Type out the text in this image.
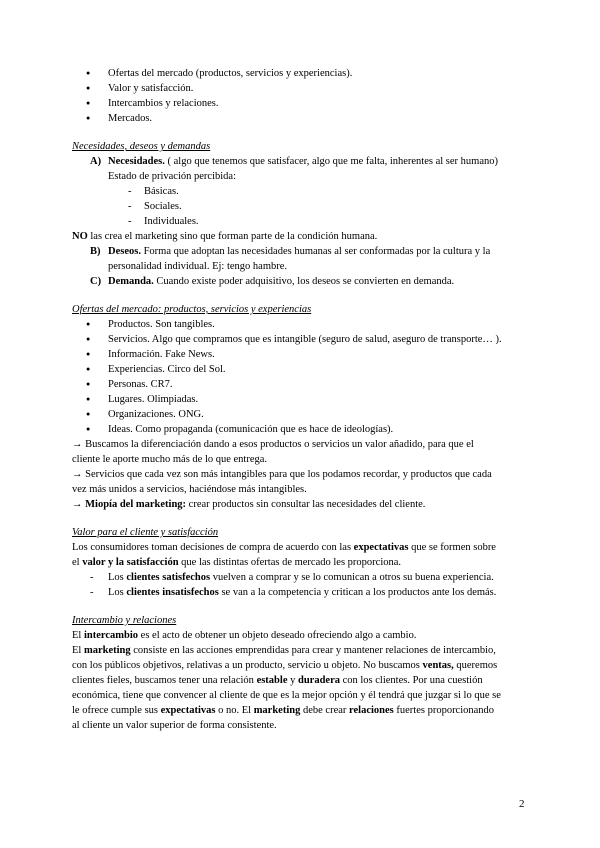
● Ofertas del mercado (productos, servicios y experiencias).
● Valor y satisfacción.
● Intercambios y relaciones.
● Mercados.
Necesidades, deseos y demandas
A) Necesidades. ( algo que tenemos que satisfacer, algo que me falta, inherentes al ser humano)
Estado de privación percibida:
- Básicas.
- Sociales.
- Individuales.
NO las crea el marketing sino que forman parte de la condición humana.
B) Deseos. Forma que adoptan las necesidades humanas al ser conformadas por la cultura y la
personalidad individual. Ej: tengo hambre.
C) Demanda. Cuando existe poder adquisitivo, los deseos se convierten en demanda.
Ofertas del mercado: productos, servicios y experiencias
● Productos. Son tangibles.
● Servicios. Algo que compramos que es intangible (seguro de salud, aseguro de transporte… ).
● Información. Fake News.
● Experiencias. Circo del Sol.
● Personas. CR7.
● Lugares. Olimpiadas.
● Organizaciones. ONG.
● Ideas. Como propaganda (comunicación que es hace de ideologías).
→ Buscamos la diferenciación dando a esos productos o servicios un valor añadido, para que el
cliente le aporte mucho más de lo que entrega.
→ Servicios que cada vez son más intangibles para que los podamos recordar, y productos que cada
vez más unidos a servicios, haciéndose más intangibles.
→ Miopía del marketing: crear productos sin consultar las necesidades del cliente.
Valor para el cliente y satisfacción
Los consumidores toman decisiones de compra de acuerdo con las expectativas que se formen sobre
el valor y la satisfacción que las distintas ofertas de mercado les proporciona.
- Los clientes satisfechos vuelven a comprar y se lo comunican a otros su buena experiencia.
- Los clientes insatisfechos se van a la competencia y critican a los productos ante los demás.
Intercambio y relaciones
El intercambio es el acto de obtener un objeto deseado ofreciendo algo a cambio.
El marketing consiste en las acciones emprendidas para crear y mantener relaciones de intercambio,
con los públicos objetivos, relativas a un producto, servicio u objeto. No buscamos ventas, queremos
clientes fieles, buscamos tener una relación estable y duradera con los clientes. Por una cuestión
económica, tiene que convencer al cliente de que es la mejor opción y él tendrá que juzgar si lo que se
le ofrece cumple sus expectativas o no. El marketing debe crear relaciones fuertes proporcionando
al cliente un valor superior de forma consistente.
2
